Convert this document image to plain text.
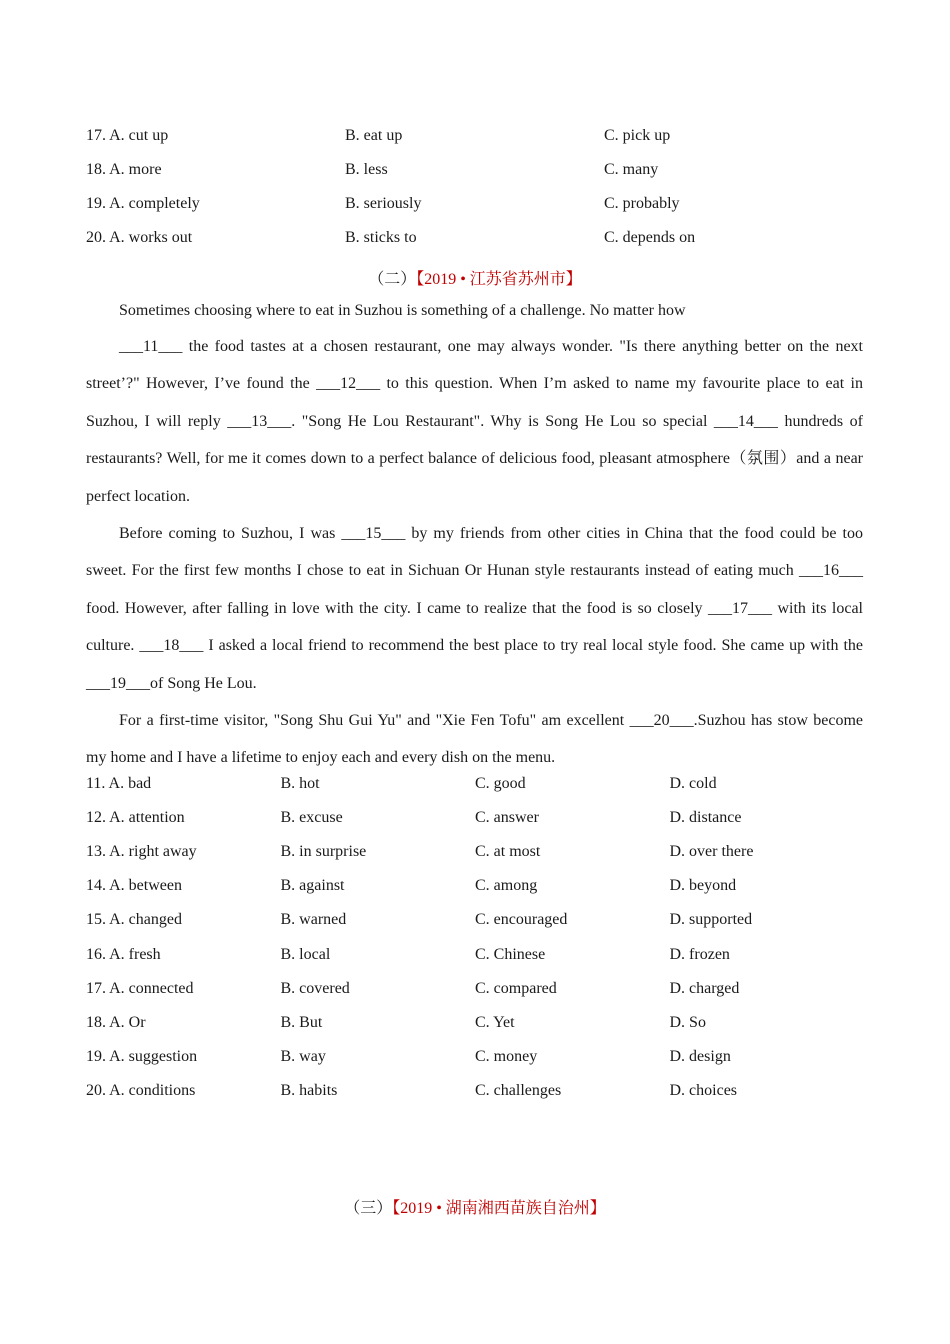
17. A. cut up	B. eat up	C. pick up
18. A. more	B. less	C. many
19. A. completely	B. seriously	C. probably
20. A. works out	B. sticks to	C. depends on
（二）【2019 • 江苏省苏州市】

Sometimes choosing where to eat in Suzhou is something of a challenge. No matter how

___11___ the food tastes at a chosen restaurant, one may always wonder. "Is there anything better on the next street’?" However, I’ve found the ___12___ to this question. When I’m asked to name my favourite place to eat in Suzhou, I will reply ___13___. "Song He Lou Restaurant". Why is Song He Lou so special ___14___ hundreds of restaurants? Well, for me it comes down to a perfect balance of delicious food, pleasant atmosphere（氛围）and a near perfect location.

Before coming to Suzhou, I was ___15___ by my friends from other cities in China that the food could be too sweet. For the first few months I chose to eat in Sichuan Or Hunan style restaurants instead of eating much ___16___ food. However, after falling in love with the city. I came to realize that the food is so closely ___17___ with its local culture. ___18___ I asked a local friend to recommend the best place to try real local style food. She came up with the ___19___of Song He Lou.

For a first-time visitor, "Song Shu Gui Yu" and "Xie Fen Tofu" am excellent ___20___.Suzhou has stow become my home and I have a lifetime to enjoy each and every dish on the menu.

11. A. bad	B. hot	C. good	D. cold
12. A. attention	B. excuse	C. answer	D. distance
13. A. right away	B. in surprise	C. at most	D. over there
14. A. between	B. against	C. among	D. beyond
15. A. changed	B. warned	C. encouraged	D. supported
16. A. fresh	B. local	C. Chinese	D. frozen
17. A. connected	B. covered	C. compared	D. charged
18. A. Or	B. But	C. Yet	D. So
19. A. suggestion	B. way	C. money	D. design
20. A. conditions	B. habits	C. challenges	D. choices
（三）【2019 • 湖南湘西苗族自治州】
